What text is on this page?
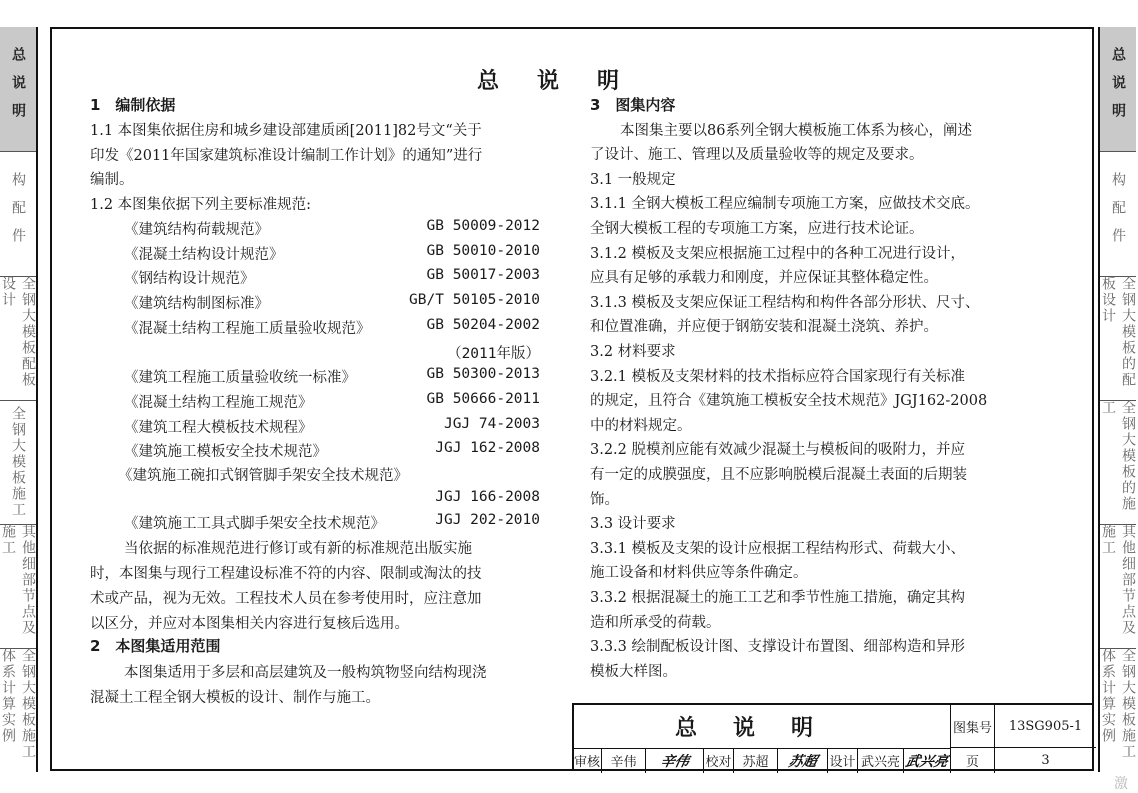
总说明
构配件
全钢大模板配板设计
全钢大模板施工
其他细部节点及施工
全钢大模板施工体系计算实例
总说明
构配件
全钢大模板的配板设计
全钢大模板的施工
其他细部节点及施工
全钢大模板施工体系计算实例
总说明
1　编制依据
1.1 本图集依据住房和城乡建设部建质函[2011]82号文“关于
印发《2011年国家建筑标准设计编制工作计划》的通知”进行
编制。
1.2 本图集依据下列主要标准规范:
《建筑结构荷载规范》	GB 50009-2012
《混凝土结构设计规范》	GB 50010-2010
《钢结构设计规范》	GB 50017-2003
《建筑结构制图标准》	GB/T 50105-2010
《混凝土结构工程施工质量验收规范》	GB 50204-2002
（2011年版）
《建筑工程施工质量验收统一标准》	GB 50300-2013
《混凝土结构工程施工规范》	GB 50666-2011
《建筑工程大模板技术规程》	JGJ 74-2003
《建筑施工模板安全技术规范》	JGJ 162-2008
《建筑施工碗扣式钢管脚手架安全技术规范》
JGJ 166-2008
《建筑施工工具式脚手架安全技术规范》	JGJ 202-2010
当依据的标准规范进行修订或有新的标准规范出版实施
时，本图集与现行工程建设标准不符的内容、限制或淘汰的技
术或产品，视为无效。工程技术人员在参考使用时，应注意加
以区分，并应对本图集相关内容进行复核后选用。
2　本图集适用范围
本图集适用于多层和高层建筑及一般构筑物竖向结构现浇
混凝土工程全钢大模板的设计、制作与施工。
3　图集内容
本图集主要以86系列全钢大模板施工体系为核心，阐述
了设计、施工、管理以及质量验收等的规定及要求。
3.1 一般规定
3.1.1 全钢大模板工程应编制专项施工方案，应做技术交底。
全钢大模板工程的专项施工方案，应进行技术论证。
3.1.2 模板及支架应根据施工过程中的各种工况进行设计，
应具有足够的承载力和刚度，并应保证其整体稳定性。
3.1.3 模板及支架应保证工程结构和构件各部分形状、尺寸、
和位置准确，并应便于钢筋安装和混凝土浇筑、养护。
3.2 材料要求
3.2.1 模板及支架材料的技术指标应符合国家现行有关标准
的规定，且符合《建筑施工模板安全技术规范》JGJ162-2008
中的材料规定。
3.2.2 脱模剂应能有效减少混凝土与模板间的吸附力，并应
有一定的成膜强度，且不应影响脱模后混凝土表面的后期装
饰。
3.3 设计要求
3.3.1 模板及支架的设计应根据工程结构形式、荷载大小、
施工设备和材料供应等条件确定。
3.3.2 根据混凝土的施工工艺和季节性施工措施，确定其构
造和所承受的荷载。
3.3.3 绘制配板设计图、支撑设计布置图、细部构造和异形
模板大样图。
总说明	图集号	13SG905-1
审核 辛伟	辛伟 校对 苏超	苏超 设计 武兴亮 武兴亮	页	3
激
